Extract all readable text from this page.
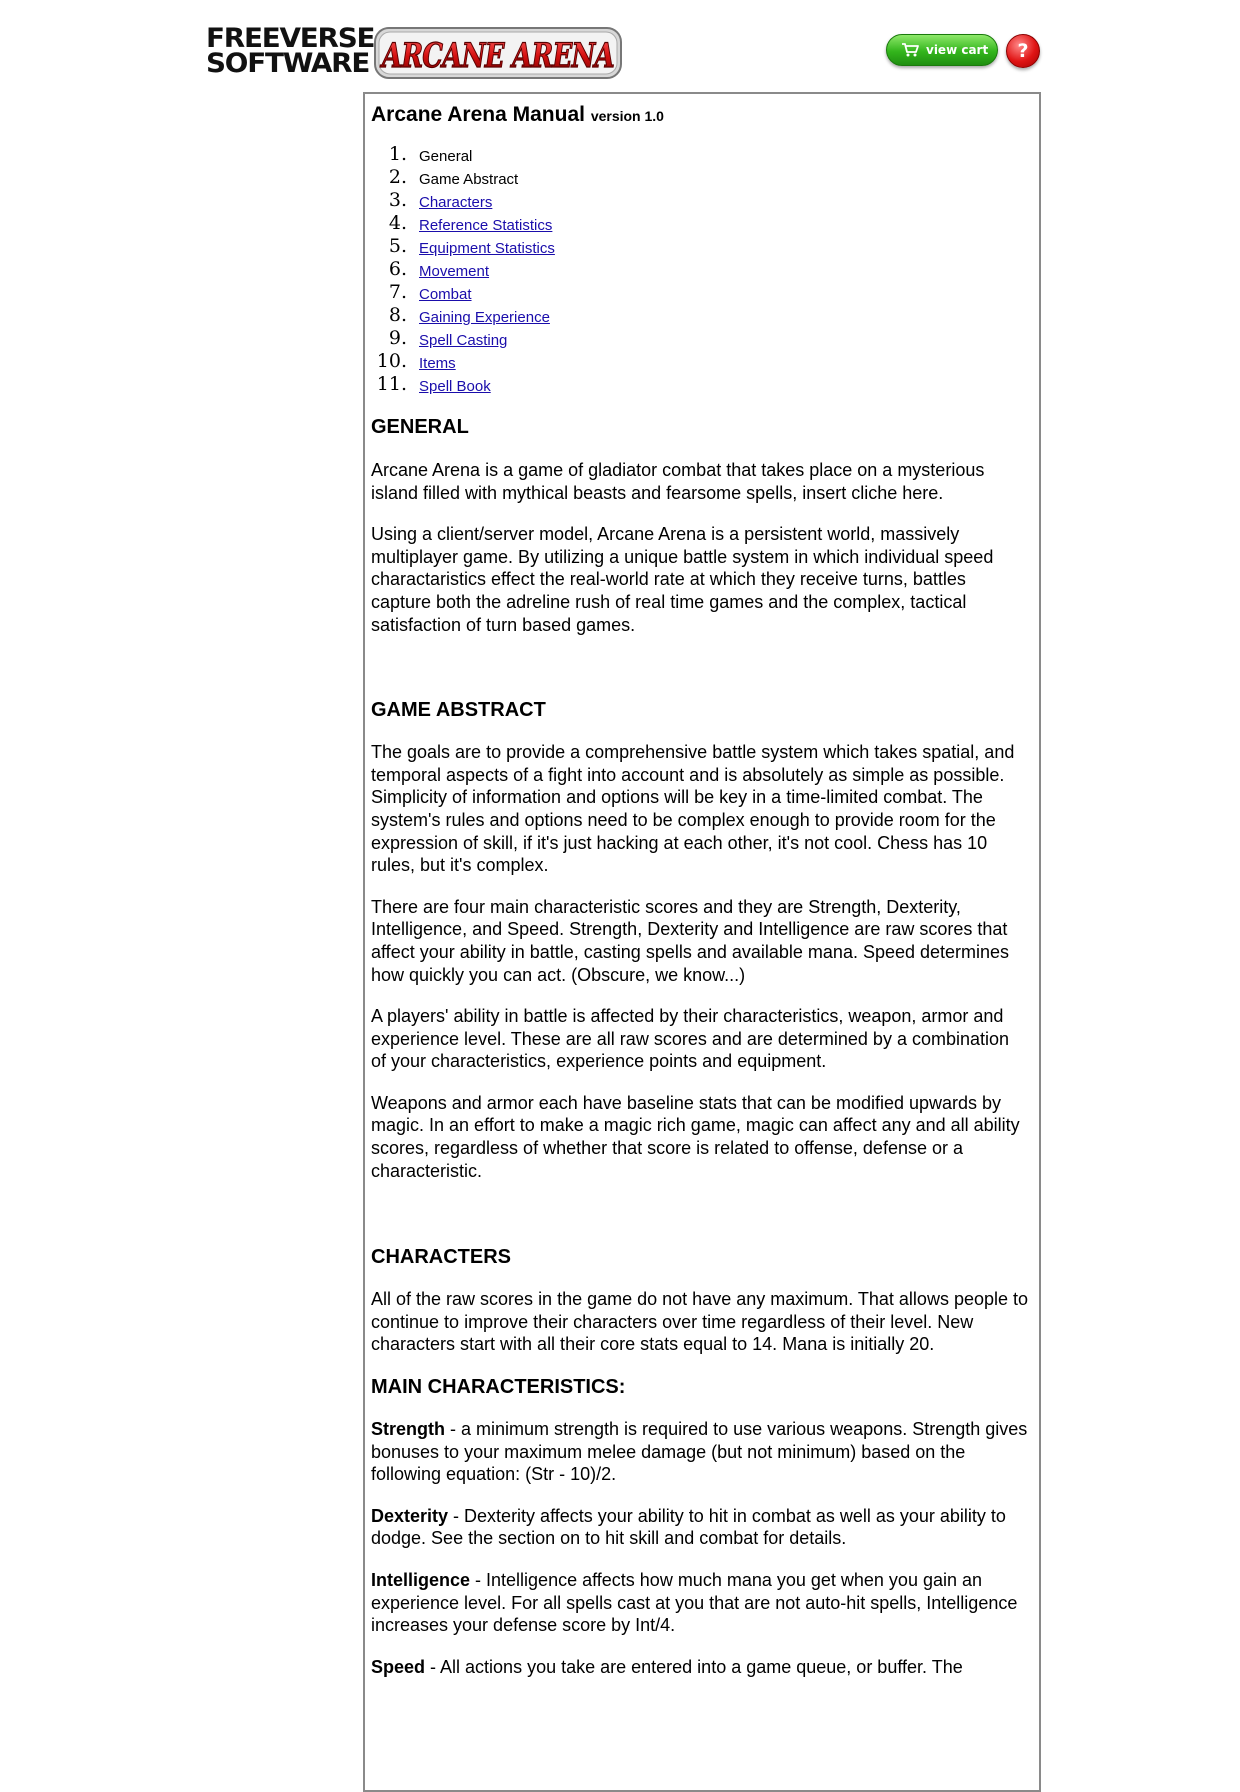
FREEVERSE
SOFTWARE ARCANE ARENA	view cart ?
Arcane Arena Manual version 1.0
1. General
2. Game Abstract
3. Characters
4. Reference Statistics
5. Equipment Statistics
6. Movement
7. Combat
8. Gaining Experience
9. Spell Casting
10. Items
11. Spell Book
GENERAL

Arcane Arena is a game of gladiator combat that takes place on a mysterious island filled with mythical beasts and fearsome spells, insert cliche here.

Using a client/server model, Arcane Arena is a persistent world, massively multiplayer game. By utilizing a unique battle system in which individual speed charactaristics effect the real-world rate at which they receive turns, battles capture both the adreline rush of real time games and the complex, tactical satisfaction of turn based games.

GAME ABSTRACT

The goals are to provide a comprehensive battle system which takes spatial, and temporal aspects of a fight into account and is absolutely as simple as possible. Simplicity of information and options will be key in a time-limited combat. The system's rules and options need to be complex enough to provide room for the expression of skill, if it's just hacking at each other, it's not cool. Chess has 10 rules, but it's complex.

There are four main characteristic scores and they are Strength, Dexterity, Intelligence, and Speed. Strength, Dexterity and Intelligence are raw scores that affect your ability in battle, casting spells and available mana. Speed determines how quickly you can act. (Obscure, we know...)

A players' ability in battle is affected by their characteristics, weapon, armor and experience level. These are all raw scores and are determined by a combination of your characteristics, experience points and equipment.

Weapons and armor each have baseline stats that can be modified upwards by magic. In an effort to make a magic rich game, magic can affect any and all ability scores, regardless of whether that score is related to offense, defense or a characteristic.

CHARACTERS

All of the raw scores in the game do not have any maximum. That allows people to continue to improve their characters over time regardless of their level. New characters start with all their core stats equal to 14. Mana is initially 20.

MAIN CHARACTERISTICS:

Strength - a minimum strength is required to use various weapons. Strength gives bonuses to your maximum melee damage (but not minimum) based on the following equation: (Str - 10)/2.

Dexterity - Dexterity affects your ability to hit in combat as well as your ability to dodge. See the section on to hit skill and combat for details.

Intelligence - Intelligence affects how much mana you get when you gain an experience level. For all spells cast at you that are not auto-hit spells, Intelligence increases your defense score by Int/4.

Speed - All actions you take are entered into a game queue, or buffer. The
